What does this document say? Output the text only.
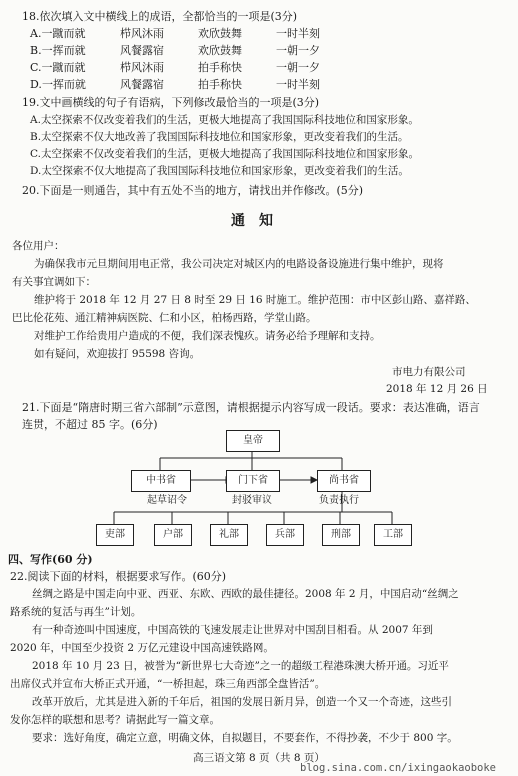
18.依次填入文中横线上的成语，全都恰当的一项是(3分)
A.一蹴而就	栉风沐雨	欢欣鼓舞	一时半刻
B.一挥而就	风餐露宿	欢欣鼓舞	一朝一夕
C.一蹴而就	栉风沐雨	拍手称快	一朝一夕
D.一挥而就	风餐露宿	拍手称快	一时半刻
19.文中画横线的句子有语病，下列修改最恰当的一项是(3分)
A.太空探索不仅改变着我们的生活，更极大地提高了我国国际科技地位和国家形象。
B.太空探索不仅大地改善了我国国际科技地位和国家形象，更改变着我们的生活。
C.太空探索不仅改变着我们的生活，更极大地提高了我国国际科技地位和国家形象。
D.太空探索不仅大地提高了我国国际科技地位和国家形象，更改变着我们的生活。
20.下面是一则通告，其中有五处不当的地方，请找出并作修改。(5分)
通知
各位用户：
为确保我市元旦期间用电正常，我公司决定对城区内的电路设备设施进行集中维护，现将
有关事宜调如下：
维护将于 2018 年 12 月 27 日 8 时至 29 日 16 时施工。维护范围：市中区彭山路、嘉祥路、
巴比伦花苑、通江精神病医院、仁和小区，柏杨西路，学堂山路。
对维护工作给贵用户造成的不便，我们深表愧疚。请务必给予理解和支持。
如有疑问，欢迎拔打 95598 咨询。
市电力有限公司
2018 年 12 月 26 日
21.下面是“隋唐时期三省六部制”示意图，请根据提示内容写成一段话。要求：表达准确，语言
连贯，不超过 85 字。(6分)
皇帝
中书省	门下省	尚书省
起草诏令	封驳审议	负责执行
吏部	户部	礼部	兵部	刑部	工部
四、写作(60 分)
22.阅读下面的材料，根据要求写作。(60分)
丝绸之路是中国走向中亚、西亚、东欧、西欧的最佳捷径。2008 年 2 月，中国启动“丝绸之
路系统的复活与再生”计划。
有一种奇迹叫中国速度，中国高铁的飞速发展走让世界对中国刮目相看。从 2007 年到
2020 年，中国至少投资 2 万亿元建设中国高速铁路网。
2018 年 10 月 23 日，被誉为“新世界七大奇迹”之一的超级工程港珠澳大桥开通。习近平
出席仪式并宣布大桥正式开通，“一桥担起，珠三角西部全盘皆活”。
改革开放后，尤其是进入新的千年后，祖国的发展日新月异，创造一个又一个奇迹，这些引
发你怎样的联想和思考？请据此写一篇文章。
要求：选好角度，确定立意，明确文体，自拟题目，不要套作，不得抄袭，不少于 800 字。
高三语文第 8 页（共 8 页）
blog.sina.com.cn/ixingaokaoboke
